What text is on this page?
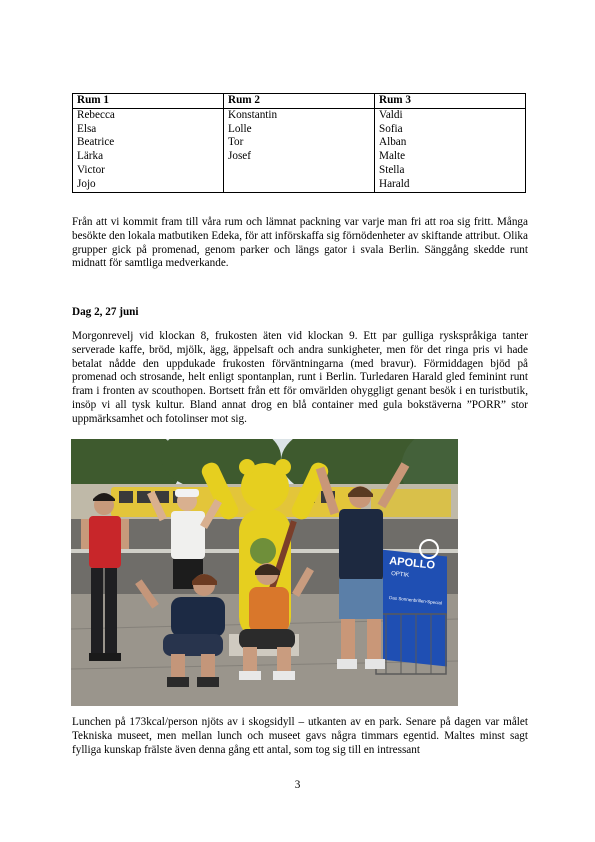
Rum 1	Rum 2	Rum 3
Rebecca	Konstantin	Valdi
Elsa	Lolle	Sofia
Beatrice	Tor	Alban
Lärka	Josef	Malte
Victor		Stella
Jojo		Harald

Från att vi kommit fram till våra rum och lämnat packning var varje man fri att roa sig fritt. Många besökte den lokala matbutiken Edeka, för att införskaffa sig förnödenheter av skiftande attribut. Olika grupper gick på promenad, genom parker och längs gator i svala Berlin. Sänggång skedde runt midnatt för samtliga medverkande.

Dag 2, 27 juni

Morgonrevelj vid klockan 8, frukosten äten vid klockan 9. Ett par gulliga ryskspråkiga tanter serverade kaffe, bröd, mjölk, ägg, äppelsaft och andra sunkigheter, men för det ringa pris vi hade betalat nådde den uppdukade frukosten förväntningarna (med bravur). Förmiddagen bjöd på promenad och strosande, helt enligt spontanplan, runt i Berlin. Turledaren Harald gled feminint runt fram i fronten av scouthopen. Bortsett från ett för omvärlden ohyggligt genant besök i en turistbutik, insöp vi all tysk kultur. Bland annat drog en blå container med gula bokstäverna ”PORR” stor uppmärksamhet och fotolinser mot sig.

APOLLO
OPTIK
Das Sonnenbrillen-Special

Lunchen på 173kcal/person njöts av i skogsidyll – utkanten av en park. Senare på dagen var målet Tekniska museet, men mellan lunch och museet gavs några timmars egentid. Maltes minst sagt fylliga kunskap frälste även denna gång ett antal, som tog sig till en intressant

3
